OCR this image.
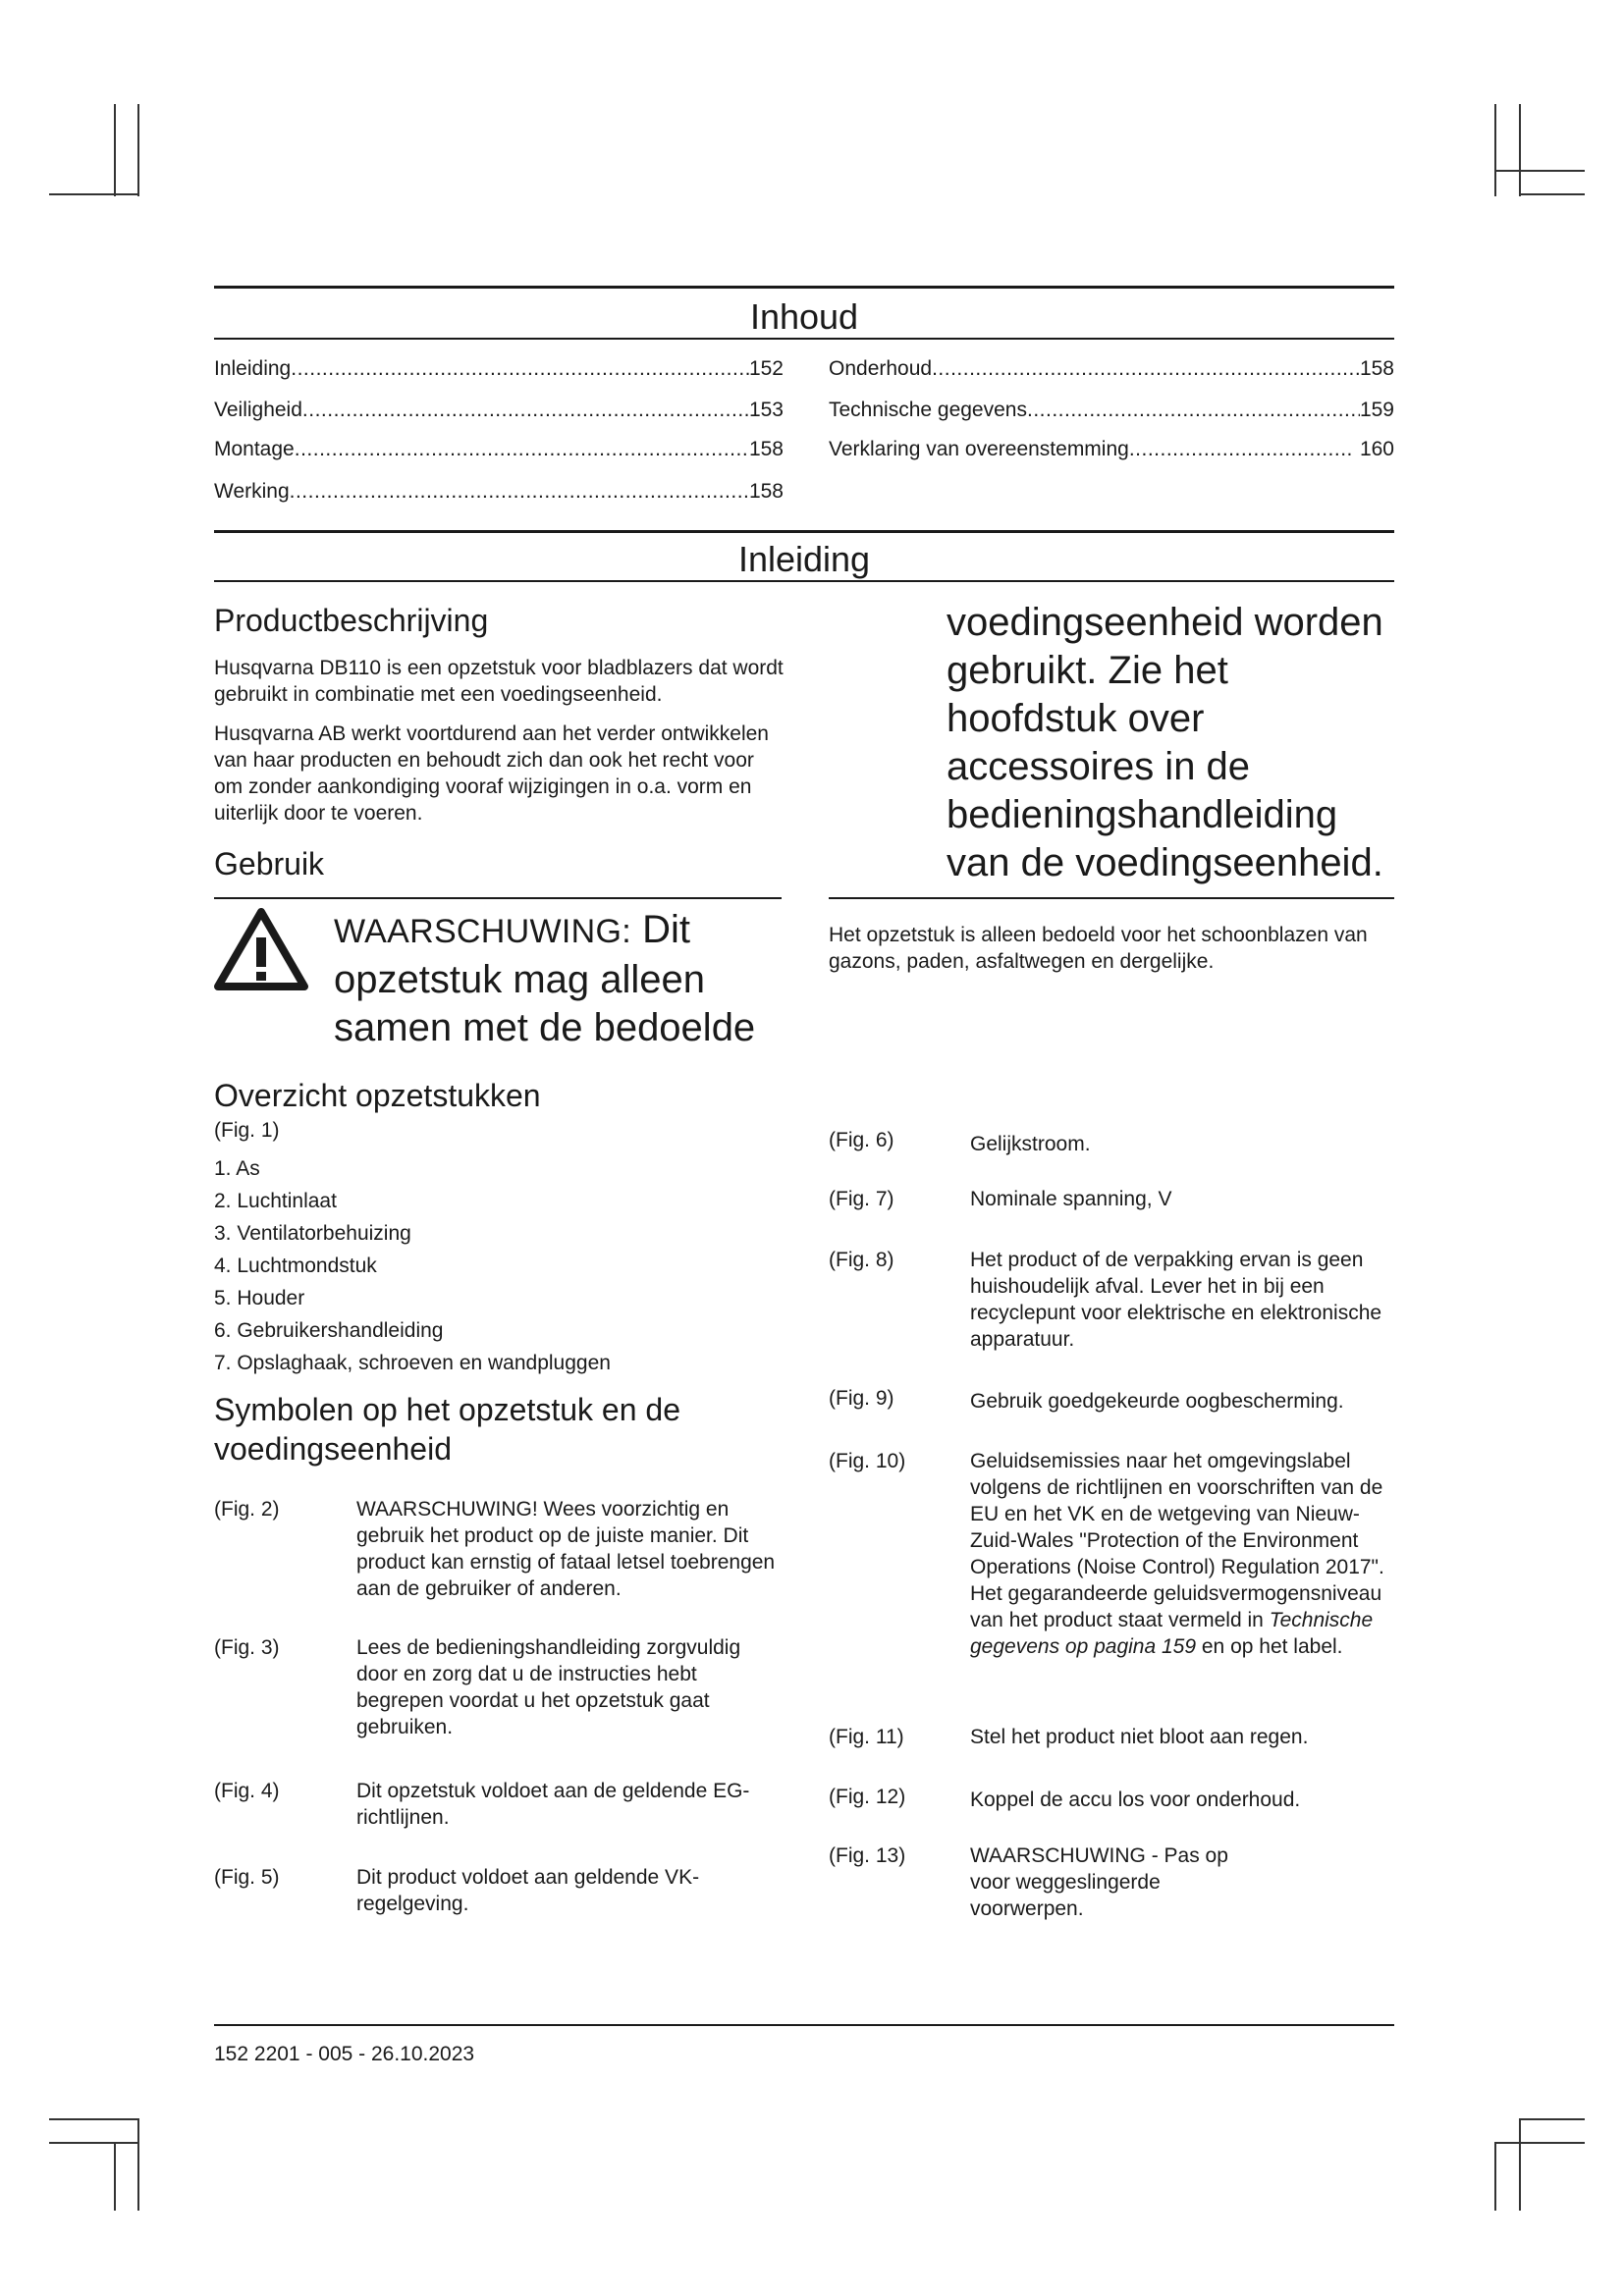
Inhoud
Inleiding .....	152
Veiligheid .....	153
Montage .....	158
Werking .....	158
Onderhoud .....	158
Technische gegevens .....	159
Verklaring van overeenstemming .....	160
Inleiding
Productbeschrijving
Husqvarna DB110 is een opzetstuk voor bladblazers dat wordt gebruikt in combinatie met een voedingseenheid.
Husqvarna AB werkt voortdurend aan het verder ontwikkelen van haar producten en behoudt zich dan ook het recht voor om zonder aankondiging vooraf wijzigingen in o.a. vorm en uiterlijk door te voeren.
Gebruik
WAARSCHUWING: Dit opzetstuk mag alleen samen met de bedoelde
voedingseenheid worden gebruikt. Zie het hoofdstuk over accessoires in de bedieningshandleiding van de voedingseenheid.
Het opzetstuk is alleen bedoeld voor het schoonblazen van gazons, paden, asfaltwegen en dergelijke.
Overzicht opzetstukken
(Fig. 1)
1. As
2. Luchtinlaat
3. Ventilatorbehuizing
4. Luchtmondstuk
5. Houder
6. Gebruikershandleiding
7. Opslaghaak, schroeven en wandpluggen
Symbolen op het opzetstuk en de voedingseenheid
(Fig. 2)	WAARSCHUWING! Wees voorzichtig en gebruik het product op de juiste manier. Dit product kan ernstig of fataal letsel toebrengen aan de gebruiker of anderen.
(Fig. 3)	Lees de bedieningshandleiding zorgvuldig door en zorg dat u de instructies hebt begrepen voordat u het opzetstuk gaat gebruiken.
(Fig. 4)	Dit opzetstuk voldoet aan de geldende EG-richtlijnen.
(Fig. 5)	Dit product voldoet aan geldende VK-regelgeving.
(Fig. 6)	Gelijkstroom.
(Fig. 7)	Nominale spanning, V
(Fig. 8)	Het product of de verpakking ervan is geen huishoudelijk afval. Lever het in bij een recyclepunt voor elektrische en elektronische apparatuur.
(Fig. 9)	Gebruik goedgekeurde oogbescherming.
(Fig. 10)	Geluidsemissies naar het omgevingslabel volgens de richtlijnen en voorschriften van de EU en het VK en de wetgeving van Nieuw-Zuid-Wales "Protection of the Environment Operations (Noise Control) Regulation 2017". Het gegarandeerde geluidsvermogensniveau van het product staat vermeld in Technische gegevens op pagina 159 en op het label.
(Fig. 11)	Stel het product niet bloot aan regen.
(Fig. 12)	Koppel de accu los voor onderhoud.
(Fig. 13)	WAARSCHUWING - Pas op voor weggeslingerde voorwerpen.
152 2201 - 005 - 26.10.2023
